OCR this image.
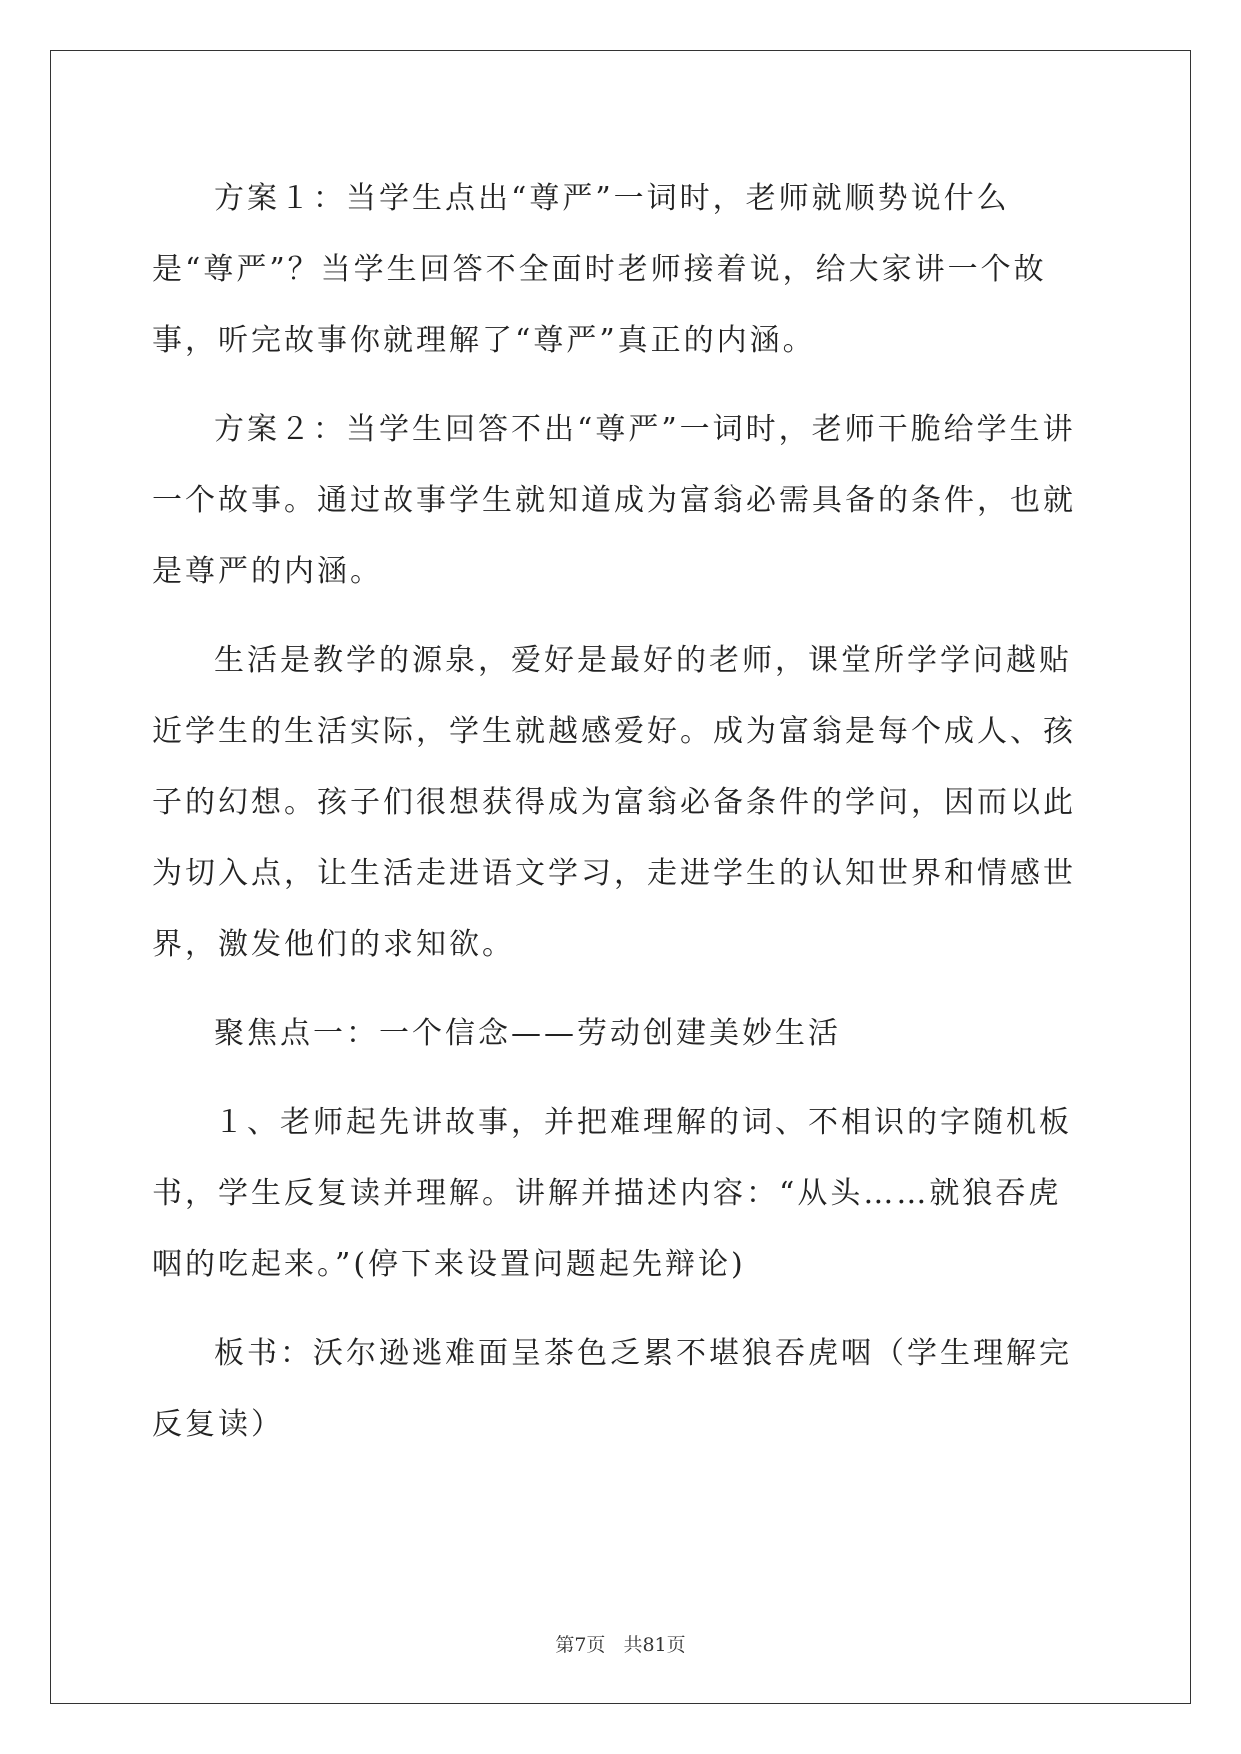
方案１：当学生点出“尊严”一词时，老师就顺势说什么是“尊严”？当学生回答不全面时老师接着说，给大家讲一个故事，听完故事你就理解了“尊严”真正的内涵。

方案２：当学生回答不出“尊严”一词时，老师干脆给学生讲一个故事。通过故事学生就知道成为富翁必需具备的条件，也就是尊严的内涵。

生活是教学的源泉，爱好是最好的老师，课堂所学学问越贴近学生的生活实际，学生就越感爱好。成为富翁是每个成人、孩子的幻想。孩子们很想获得成为富翁必备条件的学问，因而以此为切入点，让生活走进语文学习，走进学生的认知世界和情感世界，激发他们的求知欲。

聚焦点一：一个信念——劳动创建美妙生活

１、老师起先讲故事，并把难理解的词、不相识的字随机板书，学生反复读并理解。讲解并描述内容：“从头……就狼吞虎咽的吃起来。”(停下来设置问题起先辩论)

板书：沃尔逊逃难面呈茶色乏累不堪狼吞虎咽（学生理解完反复读）

第7页 共81页
